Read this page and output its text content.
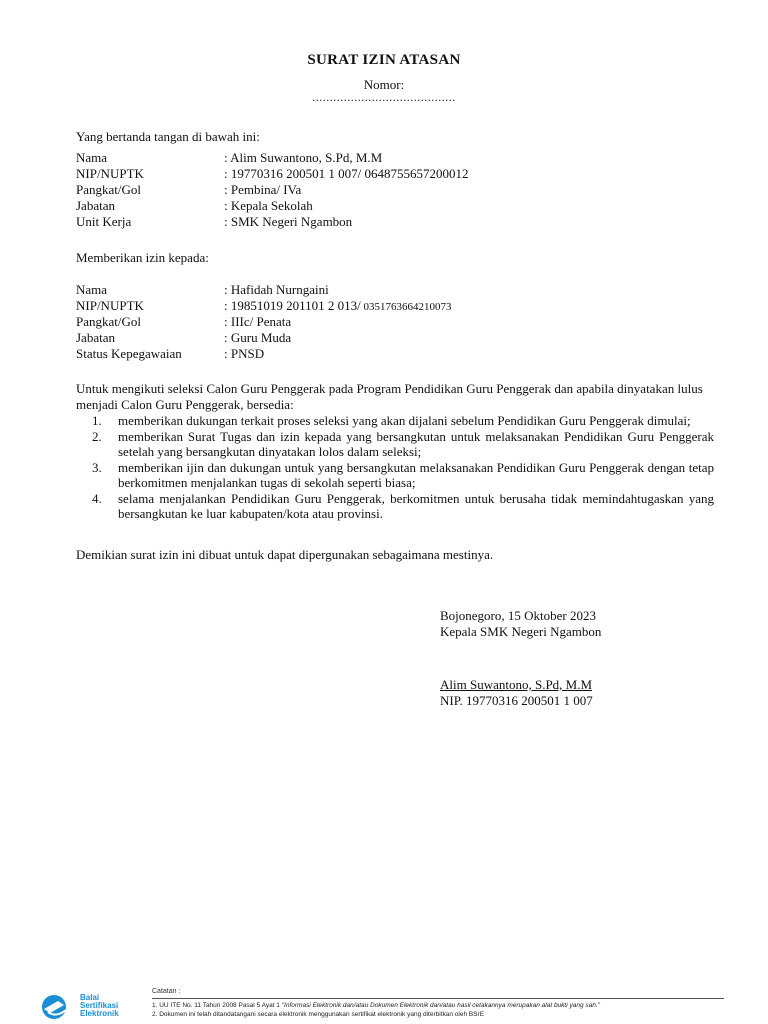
SURAT IZIN ATASAN
Nomor:
.........................................
Yang bertanda tangan di bawah ini:
Nama	: Alim Suwantono, S.Pd, M.M
NIP/NUPTK	: 19770316 200501 1 007/ 0648755657200012
Pangkat/Gol	: Pembina/ IVa
Jabatan	: Kepala Sekolah
Unit Kerja	: SMK Negeri Ngambon
Memberikan izin kepada:
Nama	: Hafidah Nurngaini
NIP/NUPTK	: 19851019 201101 2 013/ 0351763664210073
Pangkat/Gol	: IIIc/ Penata
Jabatan	: Guru Muda
Status Kepegawaian	: PNSD
Untuk mengikuti seleksi Calon Guru Penggerak pada Program Pendidikan Guru Penggerak dan apabila dinyatakan lulus menjadi Calon Guru Penggerak, bersedia:
1. memberikan dukungan terkait proses seleksi yang akan dijalani sebelum Pendidikan Guru Penggerak dimulai;
2. memberikan Surat Tugas dan izin kepada yang bersangkutan untuk melaksanakan Pendidikan Guru Penggerak setelah yang bersangkutan dinyatakan lolos dalam seleksi;
3. memberikan ijin dan dukungan untuk yang bersangkutan melaksanakan Pendidikan Guru Penggerak dengan tetap berkomitmen menjalankan tugas di sekolah seperti biasa;
4. selama menjalankan Pendidikan Guru Penggerak, berkomitmen untuk berusaha tidak memindahtugaskan yang bersangkutan ke luar kabupaten/kota atau provinsi.
Demikian surat izin ini dibuat untuk dapat dipergunakan sebagaimana mestinya.
Bojonegoro, 15 Oktober 2023
Kepala SMK Negeri Ngambon
Alim Suwantono, S.Pd, M.M
NIP. 19770316 200501 1 007
Balai
Sertifikasi
Elektronik
Catatan :
1. UU ITE No. 11 Tahun 2008 Pasal 5 Ayat 1 "Informasi Elektronik dan/atau Dokumen Elektronik dan/atau hasil cetakannya merupakan alat bukti yang sah."
2. Dokumen ini telah ditandatangani secara elektronik menggunakan sertifikat elektronik yang diterbitkan oleh BSrE
